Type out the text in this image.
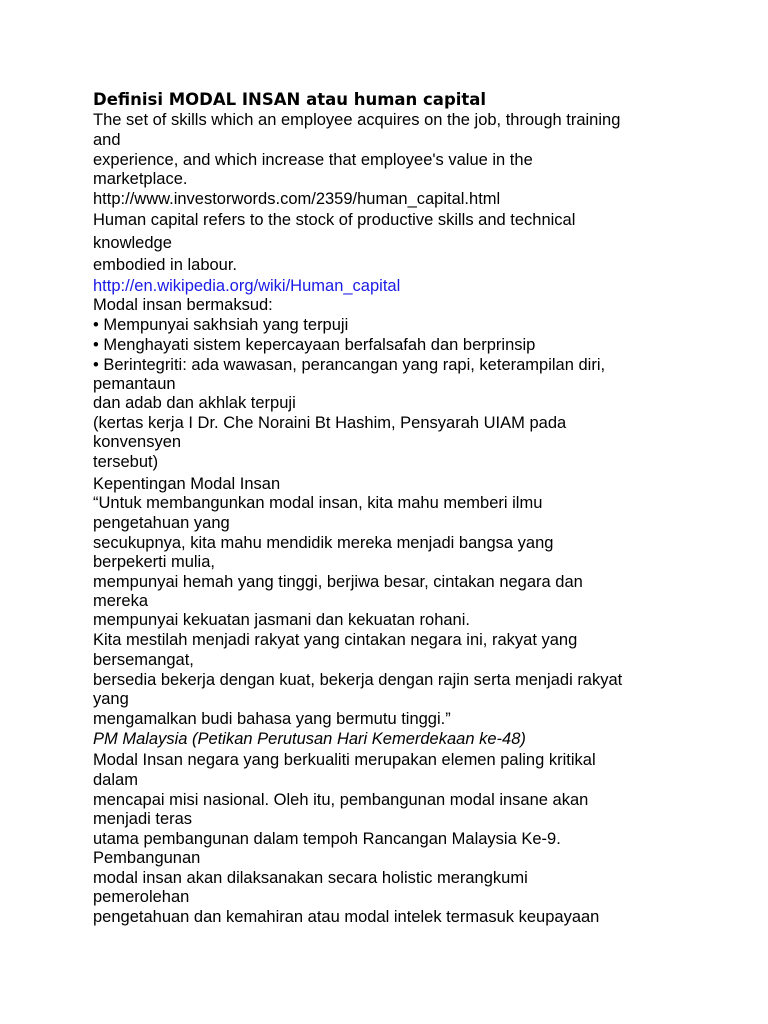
Definisi MODAL INSAN atau human capital
The set of skills which an employee acquires on the job, through training
and
experience, and which increase that employee's value in the
marketplace.
http://www.investorwords.com/2359/human_capital.html
Human capital refers to the stock of productive skills and technical
knowledge
embodied in labour.
http://en.wikipedia.org/wiki/Human_capital
Modal insan bermaksud:
• Mempunyai sakhsiah yang terpuji
• Menghayati sistem kepercayaan berfalsafah dan berprinsip
• Berintegriti: ada wawasan, perancangan yang rapi, keterampilan diri,
pemantaun
dan adab dan akhlak terpuji
(kertas kerja I Dr. Che Noraini Bt Hashim, Pensyarah UIAM pada
konvensyen
tersebut)
Kepentingan Modal Insan
“Untuk membangunkan modal insan, kita mahu memberi ilmu
pengetahuan yang
secukupnya, kita mahu mendidik mereka menjadi bangsa yang
berpekerti mulia,
mempunyai hemah yang tinggi, berjiwa besar, cintakan negara dan
mereka
mempunyai kekuatan jasmani dan kekuatan rohani.
Kita mestilah menjadi rakyat yang cintakan negara ini, rakyat yang
bersemangat,
bersedia bekerja dengan kuat, bekerja dengan rajin serta menjadi rakyat
yang
mengamalkan budi bahasa yang bermutu tinggi.”
PM Malaysia (Petikan Perutusan Hari Kemerdekaan ke-48)
Modal Insan negara yang berkualiti merupakan elemen paling kritikal
dalam
mencapai misi nasional. Oleh itu, pembangunan modal insane akan
menjadi teras
utama pembangunan dalam tempoh Rancangan Malaysia Ke-9.
Pembangunan
modal insan akan dilaksanakan secara holistic merangkumi
pemerolehan
pengetahuan dan kemahiran atau modal intelek termasuk keupayaan
